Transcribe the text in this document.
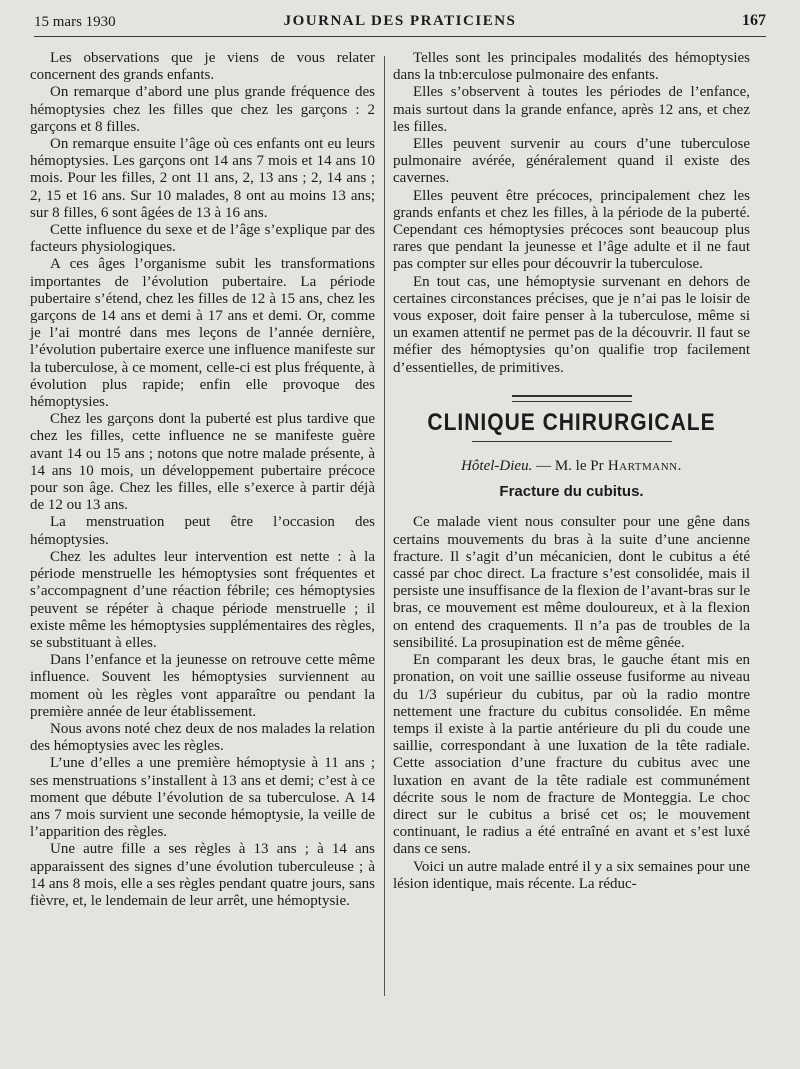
15 mars 1930	JOURNAL DES PRATICIENS	167

Les observations que je viens de vous relater concernent des grands enfants.

On remarque d’abord une plus grande fréquence des hémoptysies chez les filles que chez les garçons : 2 garçons et 8 filles.

On remarque ensuite l’âge où ces enfants ont eu leurs hémoptysies. Les garçons ont 14 ans 7 mois et 14 ans 10 mois. Pour les filles, 2 ont 11 ans, 2, 13 ans ; 2, 14 ans ; 2, 15 et 16 ans. Sur 10 malades, 8 ont au moins 13 ans; sur 8 filles, 6 sont âgées de 13 à 16 ans.

Cette influence du sexe et de l’âge s’explique par des facteurs physiologiques.

A ces âges l’organisme subit les transformations importantes de l’évolution pubertaire. La période pubertaire s’étend, chez les filles de 12 à 15 ans, chez les garçons de 14 ans et demi à 17 ans et demi. Or, comme je l’ai montré dans mes leçons de l’année dernière, l’évolution pubertaire exerce une influence manifeste sur la tuberculose, à ce moment, celle-ci est plus fréquente, à évolution plus rapide; enfin elle provoque des hémoptysies.

Chez les garçons dont la puberté est plus tardive que chez les filles, cette influence ne se manifeste guère avant 14 ou 15 ans ; notons que notre malade présente, à 14 ans 10 mois, un développement pubertaire précoce pour son âge. Chez les filles, elle s’exerce à partir déjà de 12 ou 13 ans.

La menstruation peut être l’occasion des hémoptysies.

Chez les adultes leur intervention est nette : à la période menstruelle les hémoptysies sont fréquentes et s’accompagnent d’une réaction fébrile; ces hémoptysies peuvent se répéter à chaque période menstruelle ; il existe même les hémoptysies supplémentaires des règles, se substituant à elles.

Dans l’enfance et la jeunesse on retrouve cette même influence. Souvent les hémoptysies surviennent au moment où les règles vont apparaître ou pendant la première année de leur établissement.

Nous avons noté chez deux de nos malades la relation des hémoptysies avec les règles.

L’une d’elles a une première hémoptysie à 11 ans ; ses menstruations s’installent à 13 ans et demi; c’est à ce moment que débute l’évolution de sa tuberculose. A 14 ans 7 mois survient une seconde hémoptysie, la veille de l’apparition des règles.

Une autre fille a ses règles à 13 ans ; à 14 ans apparaissent des signes d’une évolution tuberculeuse ; à 14 ans 8 mois, elle a ses règles pendant quatre jours, sans fièvre, et, le lendemain de leur arrêt, une hémoptysie.

Telles sont les principales modalités des hémoptysies dans la tnb:erculose pulmonaire des enfants.

Elles s’observent à toutes les périodes de l’enfance, mais surtout dans la grande enfance, après 12 ans, et chez les filles.

Elles peuvent survenir au cours d’une tuberculose pulmonaire avérée, généralement quand il existe des cavernes.

Elles peuvent être précoces, principalement chez les grands enfants et chez les filles, à la période de la puberté. Cependant ces hémoptysies précoces sont beaucoup plus rares que pendant la jeunesse et l’âge adulte et il ne faut pas compter sur elles pour découvrir la tuberculose.

En tout cas, une hémoptysie survenant en dehors de certaines circonstances précises, que je n’ai pas le loisir de vous exposer, doit faire penser à la tuberculose, même si un examen attentif ne permet pas de la découvrir. Il faut se méfier des hémoptysies qu’on qualifie trop facilement d’essentielles, de primitives.

CLINIQUE CHIRURGICALE
Hôtel-Dieu. — M. le Pr Hartmann.
Fracture du cubitus.

Ce malade vient nous consulter pour une gêne dans certains mouvements du bras à la suite d’une ancienne fracture. Il s’agit d’un mécanicien, dont le cubitus a été cassé par choc direct. La fracture s’est consolidée, mais il persiste une insuffisance de la flexion de l’avant-bras sur le bras, ce mouvement est même douloureux, et à la flexion on entend des craquements. Il n’a pas de troubles de la sensibilité. La prosupination est de même gênée.

En comparant les deux bras, le gauche étant mis en pronation, on voit une saillie osseuse fusiforme au niveau du 1/3 supérieur du cubitus, par où la radio montre nettement une fracture du cubitus consolidée. En même temps il existe à la partie antérieure du pli du coude une saillie, correspondant à une luxation de la tête radiale. Cette association d’une fracture du cubitus avec une luxation en avant de la tête radiale est communément décrite sous le nom de fracture de Monteggia. Le choc direct sur le cubitus a brisé cet os; le mouvement continuant, le radius a été entraîné en avant et s’est luxé dans ce sens.

Voici un autre malade entré il y a six semaines pour une lésion identique, mais récente. La réduc-
